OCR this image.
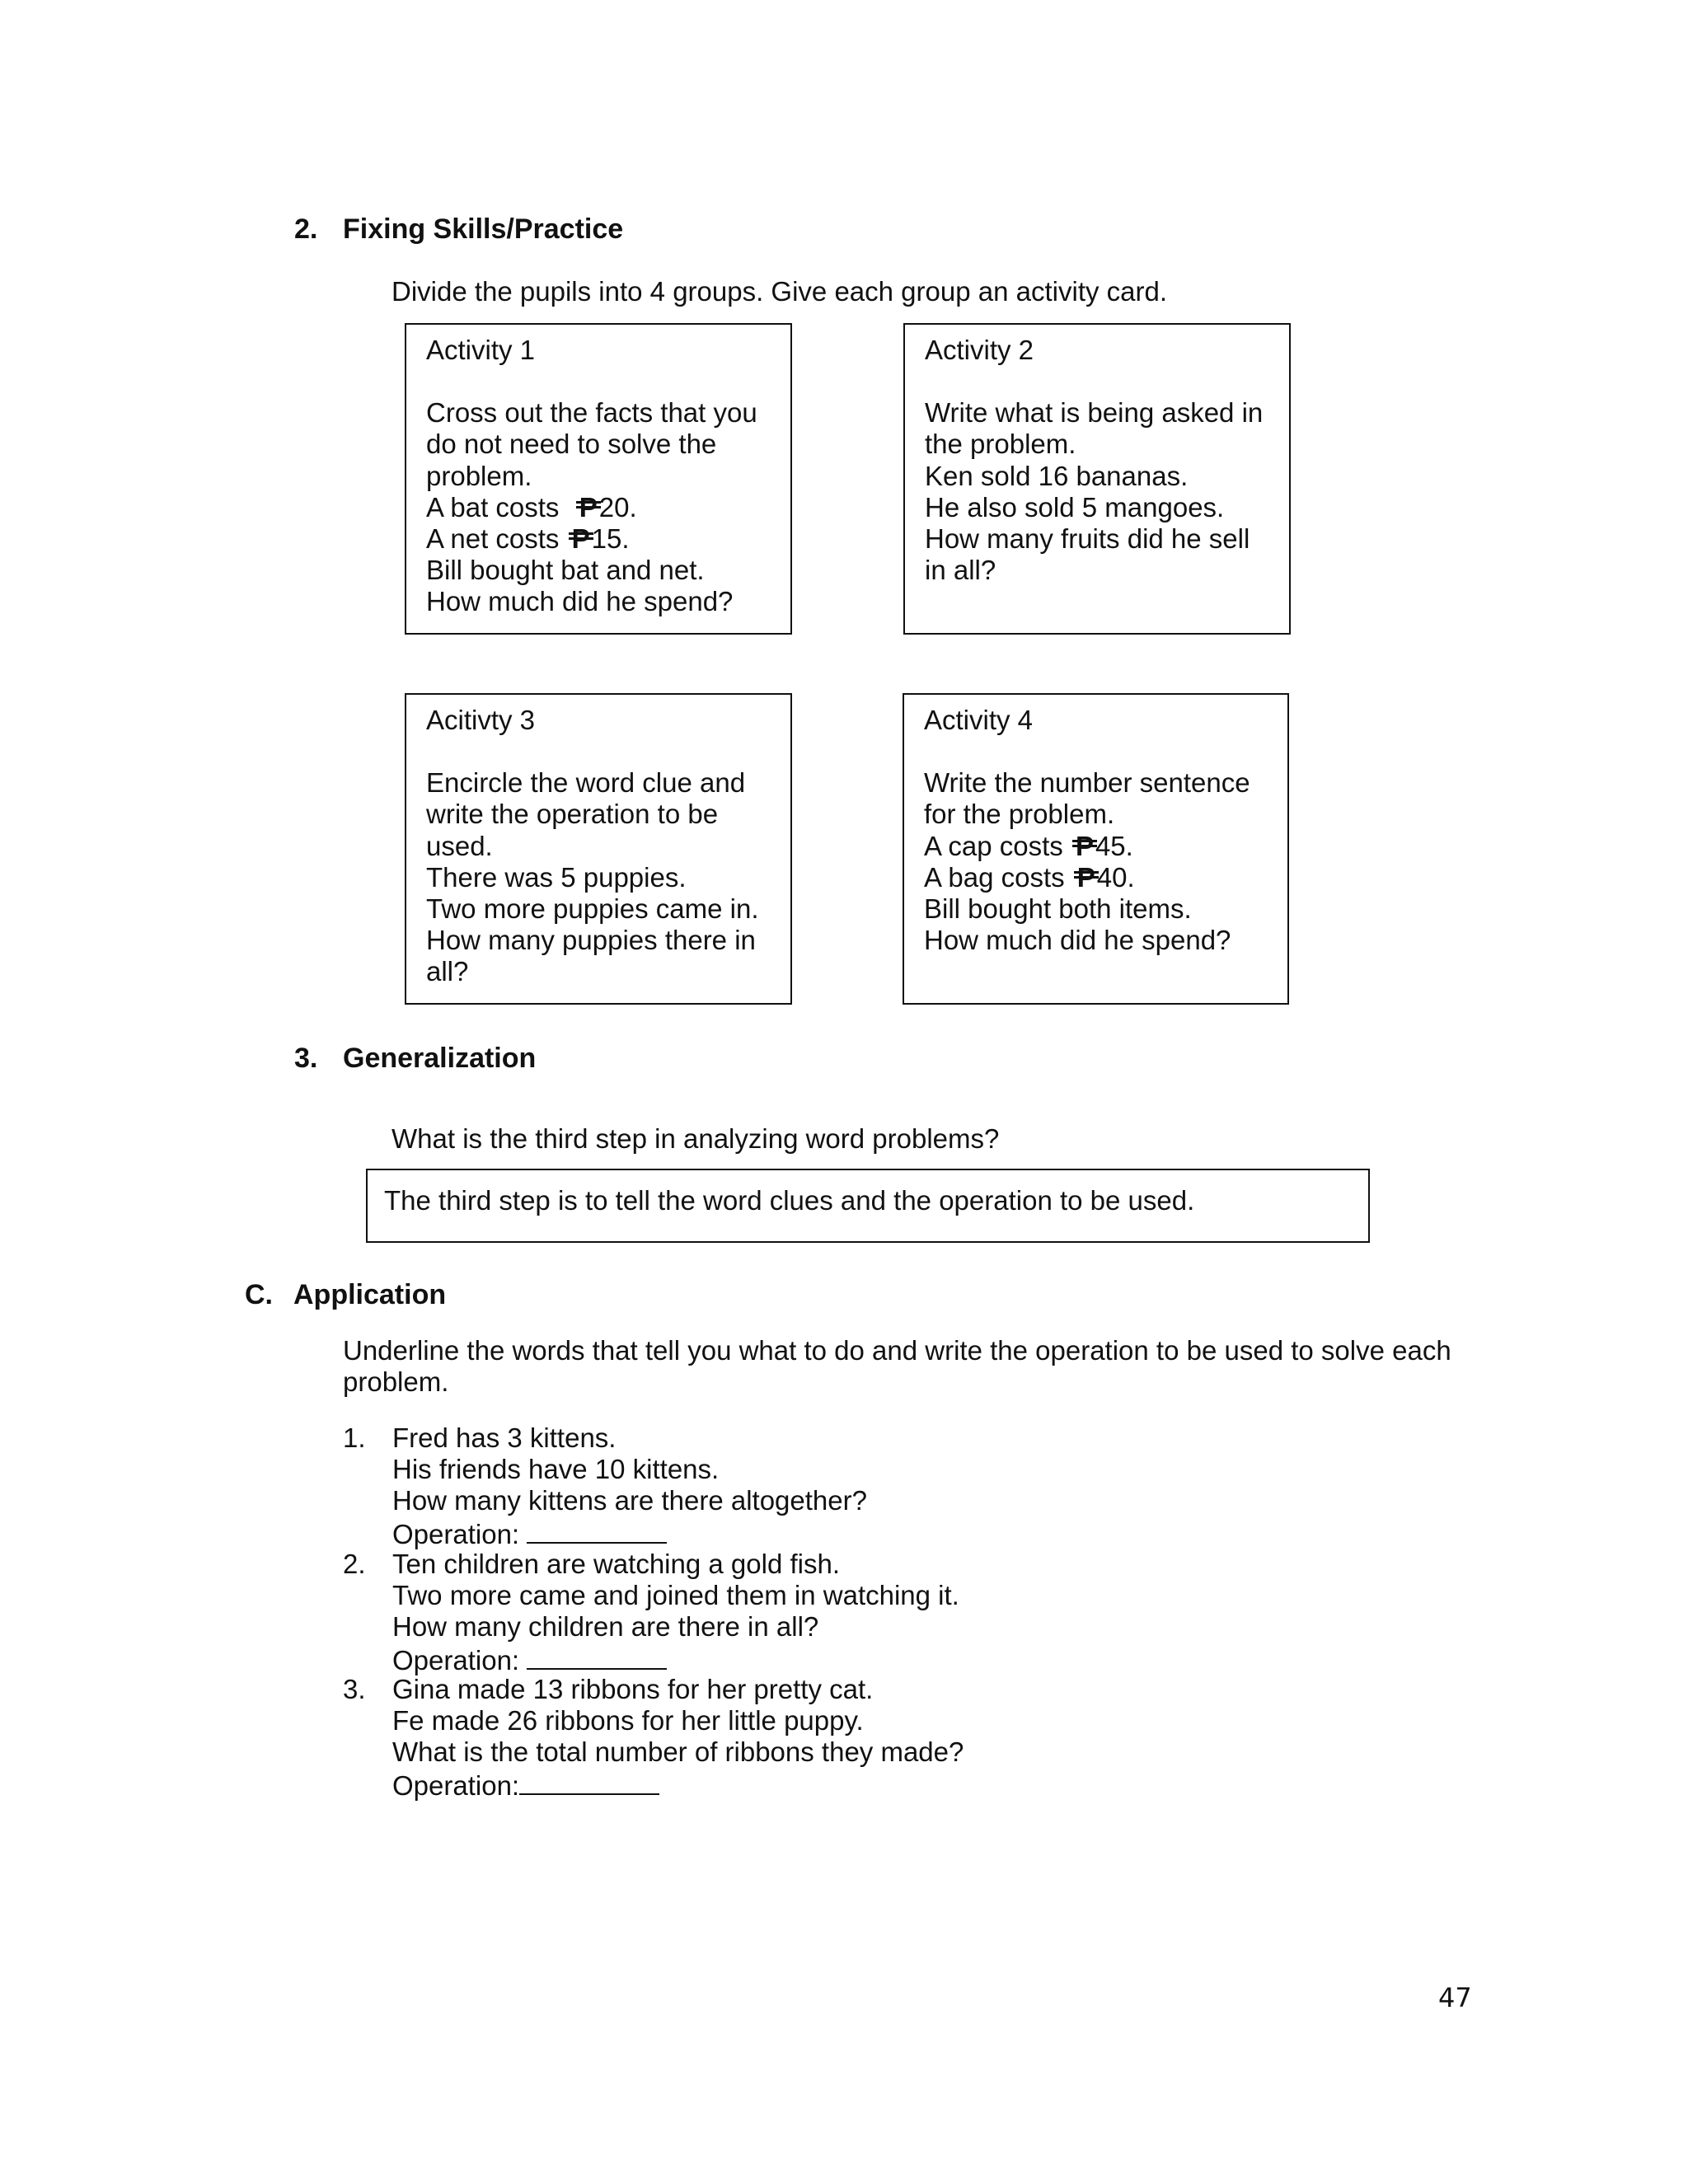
2. Fixing Skills/Practice
Divide the pupils into 4 groups. Give each group an activity card.
Activity 1
Cross out the facts that you
do not need to solve the
problem.
A bat costs P20.
A net costs P15.
Bill bought bat and net.
How much did he spend?
Activity 2
Write what is being asked in
the problem.
Ken sold 16 bananas.
He also sold 5 mangoes.
How many fruits did he sell
in all?
Acitivty 3
Encircle the word clue and
write the operation to be
used.
There was 5 puppies.
Two more puppies came in.
How many puppies there in
all?
Activity 4
Write the number sentence
for the problem.
A cap costs P45.
A bag costs P40.
Bill bought both items.
How much did he spend?
3. Generalization
What is the third step in analyzing word problems?
The third step is to tell the word clues and the operation to be used.
C. Application
Underline the words that tell you what to do and write the operation to be used to solve each
problem.
1. Fred has 3 kittens.
His friends have 10 kittens.
How many kittens are there altogether?
Operation:
2. Ten children are watching a gold fish.
Two more came and joined them in watching it.
How many children are there in all?
Operation:
3. Gina made 13 ribbons for her pretty cat.
Fe made 26 ribbons for her little puppy.
What is the total number of ribbons they made?
Operation:
47
